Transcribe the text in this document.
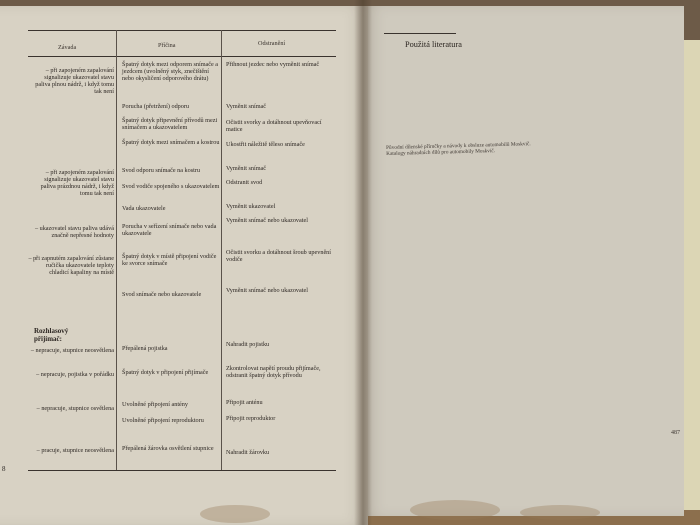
Závada	Příčina	Odstranění
– při zapojeném zapalování signalizuje ukazovatel stavu paliva plnou nádrž, i když tomu tak není
Špatný dotyk mezi odporem snímače a jezdcem (uvolněný styk, znečištění nebo okysličení odporového drátu)
Porucha (přetržení) odporu
Špatný dotyk připevnění přívodů mezi snímačem a ukazovatelem
Špatný dotyk mezi snímačem a kostrou
Přihnout jezdec nebo vyměnit snímač
Vyměnit snímač
Očistit svorky a dotáhnout upevňovací matice
Ukostřit náležitě těleso snímače
– při zapojeném zapalování signalizuje ukazovatel stavu paliva prázdnou nádrž, i když tomu tak není
Svod odporu snímače na kostru
Svod vodiče spojeného s ukazovatelem
Vada ukazovatele
Vyměnit snímač
Odstranit svod
Vyměnit ukazovatel
– ukazovatel stavu paliva udává značně nepřesné hodnoty
Porucha v seřízení snímače nebo vada ukazovatele
Vyměnit snímač nebo ukazovatel
– při zapnutém zapalování zůstane ručička ukazovatele teploty chladicí kapaliny na místě
Špatný dotyk v místě připojení vodiče ke svorce snímače
Svod snímače nebo ukazovatele
Očistit svorku a dotáhnout šroub upevnění vodiče
Vyměnit snímač nebo ukazovatel
Rozhlasový přijímač:
– nepracuje, stupnice neosvětlena Přepálená pojistka
Nahradit pojistku
– nepracuje, pojistka v pořádku Špatný dotyk v připojení přijímače
Zkontrolovat napětí proudu přijímače, odstranit špatný dotyk přívodu
– nepracuje, stupnice osvětlena
Uvolněné připojení antény
Uvolněné připojení reproduktoru
Připojit anténu
Připojit reproduktor
– pracuje, stupnice neosvětlena Přepálená žárovka osvětlení stupnice
Nahradit žárovku
8
Použitá literatura
Původní dílenské příručky a návody k obsluze automobilů Moskvič.
Katalogy náhradních dílů pro automobily Moskvič.
487
